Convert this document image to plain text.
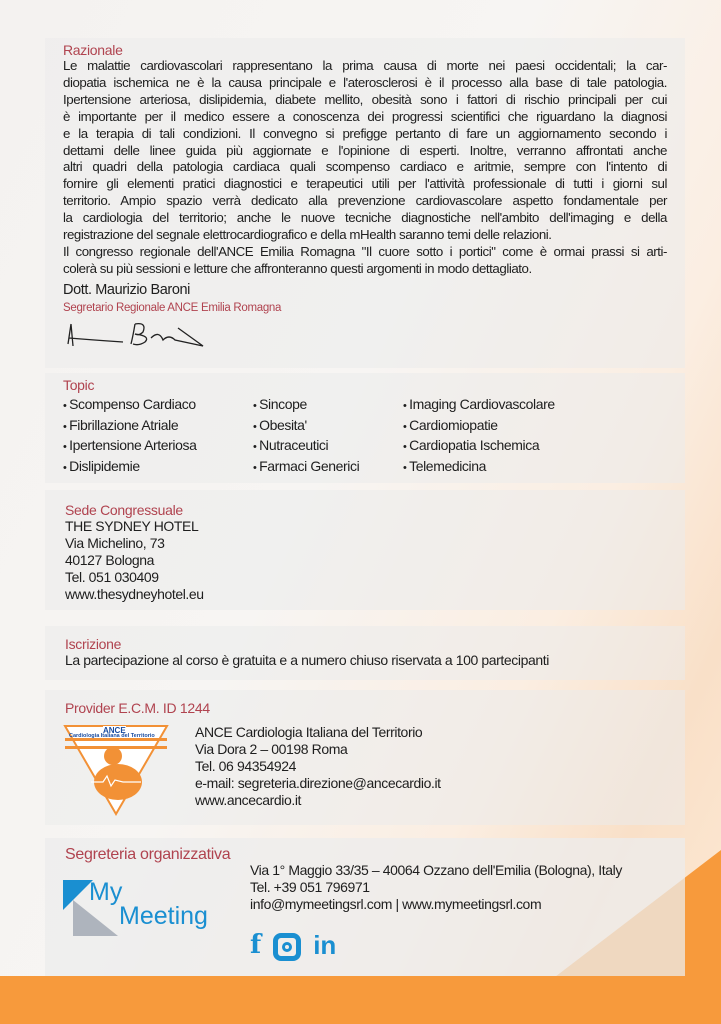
Razionale
Le malattie cardiovascolari rappresentano la prima causa di morte nei paesi occidentali; la car-
diopatia ischemica ne è la causa principale e l'aterosclerosi è il processo alla base di tale patologia.
Ipertensione arteriosa, dislipidemia, diabete mellito, obesità sono i fattori di rischio principali per cui
è importante per il medico essere a conoscenza dei progressi scientifici che riguardano la diagnosi
e la terapia di tali condizioni. Il convegno si prefigge pertanto di fare un aggiornamento secondo i
dettami delle linee guida più aggiornate e l'opinione di esperti. Inoltre, verranno affrontati anche
altri quadri della patologia cardiaca quali scompenso cardiaco e aritmie, sempre con l'intento di
fornire gli elementi pratici diagnostici e terapeutici utili per l'attività professionale di tutti i giorni sul
territorio. Ampio spazio verrà dedicato alla prevenzione cardiovascolare aspetto fondamentale per
la cardiologia del territorio; anche le nuove tecniche diagnostiche nell'ambito dell'imaging e della
registrazione del segnale elettrocardiografico e della mHealth saranno temi delle relazioni.
Il congresso regionale dell'ANCE Emilia Romagna "Il cuore sotto i portici" come è ormai prassi si arti-
colerà su più sessioni e letture che affronteranno questi argomenti in modo dettagliato.
Dott. Maurizio Baroni
Segretario Regionale ANCE Emilia Romagna
Topic
• Scompenso Cardiaco
• Fibrillazione Atriale
• Ipertensione Arteriosa
• Dislipidemie
• Sincope
• Obesita'
• Nutraceutici
• Farmaci Generici
• Imaging Cardiovascolare
• Cardiomiopatie
• Cardiopatia Ischemica
• Telemedicina
Sede Congressuale
THE SYDNEY HOTEL
Via Michelino, 73
40127 Bologna
Tel. 051 030409
www.thesydneyhotel.eu
Iscrizione
La partecipazione al corso è gratuita e a numero chiuso riservata a 100 partecipanti
Provider E.C.M. ID 1244
ANCE
Cardiologia Italiana del Territorio	ANCE Cardiologia Italiana del Territorio
Via Dora 2 – 00198 Roma
Tel. 06 94354924
e-mail: segreteria.direzione@ancecardio.it
www.ancecardio.it
Segreteria organizzativa
My
Meeting
Via 1° Maggio 33/35 – 40064 Ozzano dell'Emilia (Bologna), Italy
Tel. +39 051 796971
info@mymeetingsrl.com | www.mymeetingsrl.com
f in
